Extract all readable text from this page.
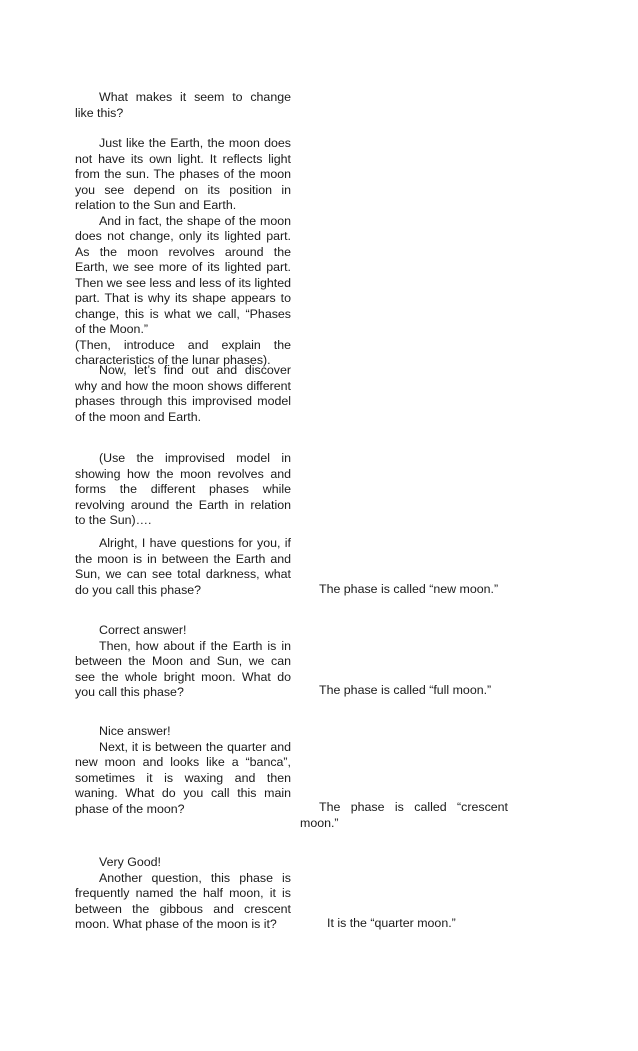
What makes it seem to change like this?

Just like the Earth, the moon does not have its own light. It reflects light from the sun. The phases of the moon you see depend on its position in relation to the Sun and Earth.

And in fact, the shape of the moon does not change, only its lighted part. As the moon revolves around the Earth, we see more of its lighted part. Then we see less and less of its lighted part. That is why its shape appears to change, this is what we call, “Phases of the Moon.”

(Then, introduce and explain the characteristics of the lunar phases).

Now, let’s find out and discover why and how the moon shows different phases through this improvised model of the moon and Earth.

(Use the improvised model in showing how the moon revolves and forms the different phases while revolving around the Earth in relation to the Sun)….

Alright, I have questions for you, if the moon is in between the Earth and Sun, we can see total darkness, what do you call this phase?

Correct answer!

Then, how about if the Earth is in between the Moon and Sun, we can see the whole bright moon. What do you call this phase?

Nice answer!

Next, it is between the quarter and new moon and looks like a “banca”, sometimes it is waxing and then waning. What do you call this main phase of the moon?

Very Good!

Another question, this phase is frequently named the half moon, it is between the gibbous and crescent moon. What phase of the moon is it?

The phase is called “new moon.”

The phase is called “full moon.”

The phase is called “crescent moon.”

It is the “quarter moon.”
